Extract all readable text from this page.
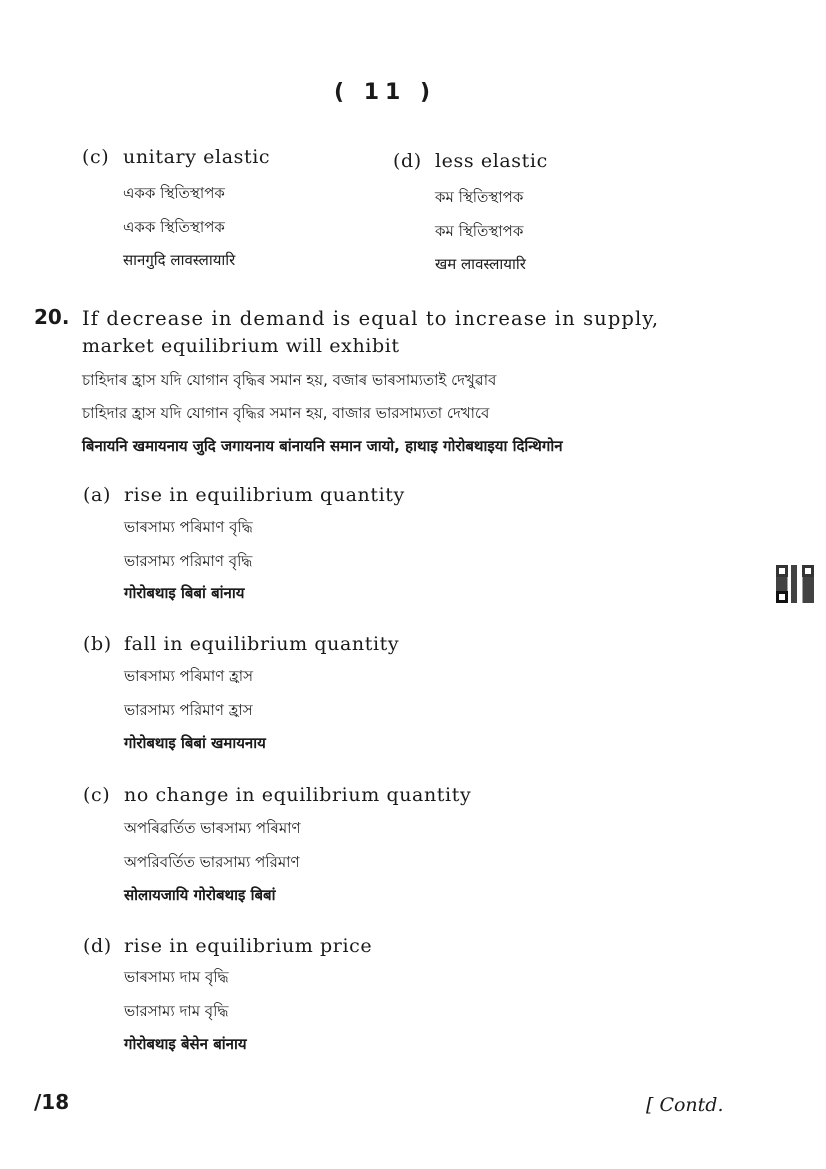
( 11 )
(c) unitary elastic
একক স্থিতিস্থাপক
একক স্থিতিস্থাপক
सानगुदि लावस्लायारि
(d) less elastic
কম স্থিতিস্থাপক
কম স্থিতিস্থাপক
खम लावस्लायारि
20. If decrease in demand is equal to increase in supply,
market equilibrium will exhibit
চাহিদাৰ হ্রাস যদি যোগান বৃদ্ধিৰ সমান হয়, বজাৰ ভাৰসাম্যতাই দেখুৱাব
চাহিদার হ্রাস যদি যোগান বৃদ্ধির সমান হয়, বাজার ভারসাম্যতা দেখাবে
बिनायनि खमायनाय जुदि जगायनाय बांनायनि समान जायो, हाथाइ गोरोबथाइया दिन्थिगोन
(a) rise in equilibrium quantity
ভাৰসাম্য পৰিমাণ বৃদ্ধি
ভারসাম্য পরিমাণ বৃদ্ধি
गोरोबथाइ बिबां बांनाय
(b) fall in equilibrium quantity
ভাৰসাম্য পৰিমাণ হ্রাস
ভারসাম্য পরিমাণ হ্রাস
गोरोबथाइ बिबां खमायनाय
(c) no change in equilibrium quantity
অপৰিৱৰ্তিত ভাৰসাম্য পৰিমাণ
অপরিবর্তিত ভারসাম্য পরিমাণ
सोलायजायि गोरोबथाइ बिबां
(d) rise in equilibrium price
ভাৰসাম্য দাম বৃদ্ধি
ভারসাম্য দাম বৃদ্ধি
गोरोबथाइ बेसेन बांनाय
/18	[ Contd.
